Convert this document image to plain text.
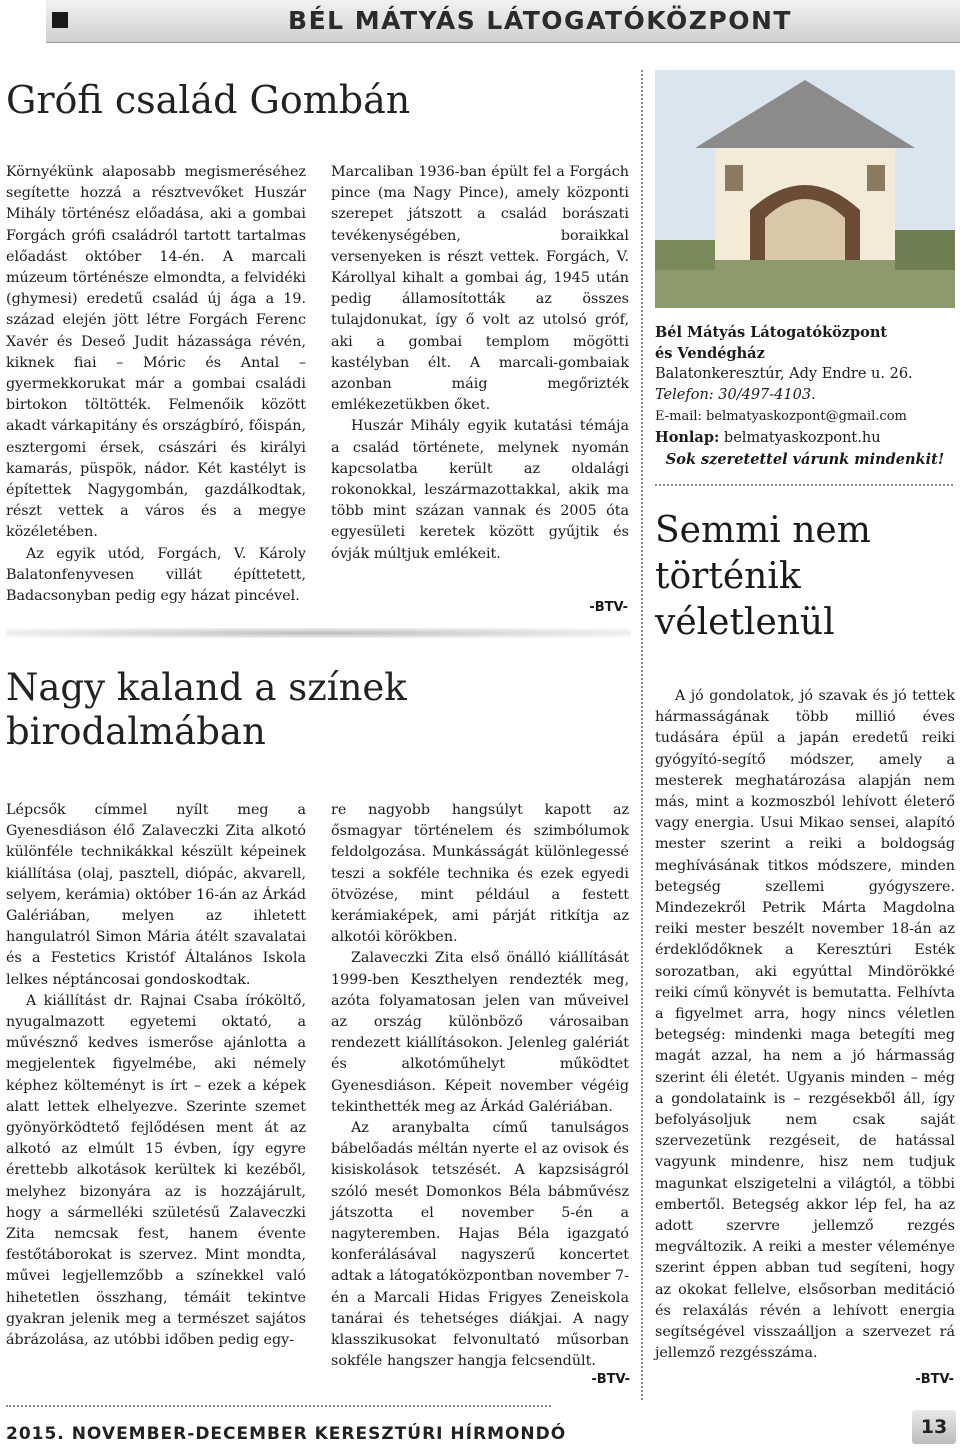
BÉL MÁTYÁS LÁTOGATÓKÖZPONT
Grófi család Gombán

Környékünk alaposabb megismeréséhez segítette hozzá a résztvevőket Huszár Mihály történész előadása, aki a gombai Forgách grófi családról tartott tartalmas előadást október 14-én. A marcali múzeum történésze elmondta, a felvidéki (ghymesi) eredetű család új ága a 19. század elején jött létre Forgách Ferenc Xavér és Deseő Judit házassága révén, kiknek fiai – Móric és Antal – gyermekkorukat már a gombai családi birtokon töltötték. Felmenőik között akadt várkapitány és országbíró, főispán, esztergomi érsek, császári és királyi kamarás, püspök, nádor. Két kastélyt is építettek Nagygombán, gazdálkodtak, részt vettek a város és a megye közéletében.

Az egyik utód, Forgách, V. Károly Balatonfenyvesen villát építtetett, Badacsonyban pedig egy házat pincével.

Marcaliban 1936-ban épült fel a Forgách pince (ma Nagy Pince), amely központi szerepet játszott a család borászati tevékenységében, boraikkal versenyeken is részt vettek. Forgách, V. Károllyal kihalt a gombai ág, 1945 után pedig államosították az összes tulajdonukat, így ő volt az utolsó gróf, aki a gombai templom mögötti kastélyban élt. A marcali-gombaiak azonban máig megőrizték emlékezetükben őket.

Huszár Mihály egyik kutatási témája a család története, melynek nyomán kapcsolatba került az oldalági rokonokkal, leszármazottakkal, akik ma több mint százan vannak és 2005 óta egyesületi keretek között gyűjtik és óvják múltjuk emlékeit.

-BTV-
Bél Mátyás Látogatóközpont
és Vendégház
Balatonkeresztúr, Ady Endre u. 26.
Telefon: 30/497-4103.
E-mail: belmatyaskozpont@gmail.com
Honlap: belmatyaskozpont.hu
Sok szeretettel várunk mindenkit!
Semmi nem
történik
véletlenül

A jó gondolatok, jó szavak és jó tettek hármasságának több millió éves tudására épül a japán eredetű reiki gyógyító-segítő módszer, amely a mesterek meghatározása alapján nem más, mint a kozmoszból lehívott életerő vagy energia. Usui Mikao sensei, alapító mester szerint a reiki a boldogság meghívásának titkos módszere, minden betegség szellemi gyógyszere. Mindezekről Petrik Márta Magdolna reiki mester beszélt november 18-án az érdeklődőknek a Keresztúri Esték sorozatban, aki egyúttal Mindörökké reiki című könyvét is bemutatta. Felhívta a figyelmet arra, hogy nincs véletlen betegség: mindenki maga betegíti meg magát azzal, ha nem a jó hármasság szerint éli életét. Ugyanis minden – még a gondolataink is – rezgésekből áll, így befolyásoljuk nem csak saját szervezetünk rezgéseit, de hatással vagyunk mindenre, hisz nem tudjuk magunkat elszigetelni a világtól, a többi embertől. Betegség akkor lép fel, ha az adott szervre jellemző rezgés megváltozik. A reiki a mester véleménye szerint éppen abban tud segíteni, hogy az okokat fellelve, elsősorban meditáció és relaxálás révén a lehívott energia segítségével visszaálljon a szervezet rá jellemző rezgésszáma.

-BTV-
Nagy kaland a színek
birodalmában

Lépcsők címmel nyílt meg a Gyenesdiáson élő Zalaveczki Zita alkotó különféle technikákkal készült képeinek kiállítása (olaj, pasztell, diópác, akvarell, selyem, kerámia) október 16-án az Árkád Galériában, melyen az ihletett hangulatról Simon Mária átélt szavalatai és a Festetics Kristóf Általános Iskola lelkes néptáncosai gondoskodtak.

A kiállítást dr. Rajnai Csaba íróköltő, nyugalmazott egyetemi oktató, a művésznő kedves ismerőse ajánlotta a megjelentek figyelmébe, aki némely képhez költeményt is írt – ezek a képek alatt lettek elhelyezve. Szerinte szemet gyönyörködtető fejlődésen ment át az alkotó az elmúlt 15 évben, így egyre érettebb alkotások kerültek ki kezéből, melyhez bizonyára az is hozzájárult, hogy a sármelléki születésű Zalaveczki Zita nemcsak fest, hanem évente festőtáborokat is szervez. Mint mondta, művei legjellemzőbb a színekkel való hihetetlen összhang, témáit tekintve gyakran jelenik meg a természet sajátos ábrázolása, az utóbbi időben pedig egy-

re nagyobb hangsúlyt kapott az ősmagyar történelem és szimbólumok feldolgozása. Munkásságát különlegessé teszi a sokféle technika és ezek egyedi ötvözése, mint például a festett kerámiaképek, ami párját ritkítja az alkotói körökben.

Zalaveczki Zita első önálló kiállítását 1999-ben Keszthelyen rendezték meg, azóta folyamatosan jelen van műveivel az ország különböző városaiban rendezett kiállításokon. Jelenleg galériát és alkotóműhelyt működtet Gyenesdiáson. Képeit november végéig tekinthették meg az Árkád Galériában.

Az aranybalta című tanulságos bábelőadás méltán nyerte el az ovisok és kisiskolások tetszését. A kapzsiságról szóló mesét Domonkos Béla bábművész játszotta el november 5-én a nagyteremben. Hajas Béla igazgató konferálásával nagyszerű koncertet adtak a látogatóközpontban november 7-én a Marcali Hidas Frigyes Zeneiskola tanárai és tehetséges diákjai. A nagy klasszikusokat felvonultató műsorban sokféle hangszer hangja felcsendült.

-BTV-
2015. NOVEMBER-DECEMBER KERESZTÚRI HÍRMONDÓ	13
